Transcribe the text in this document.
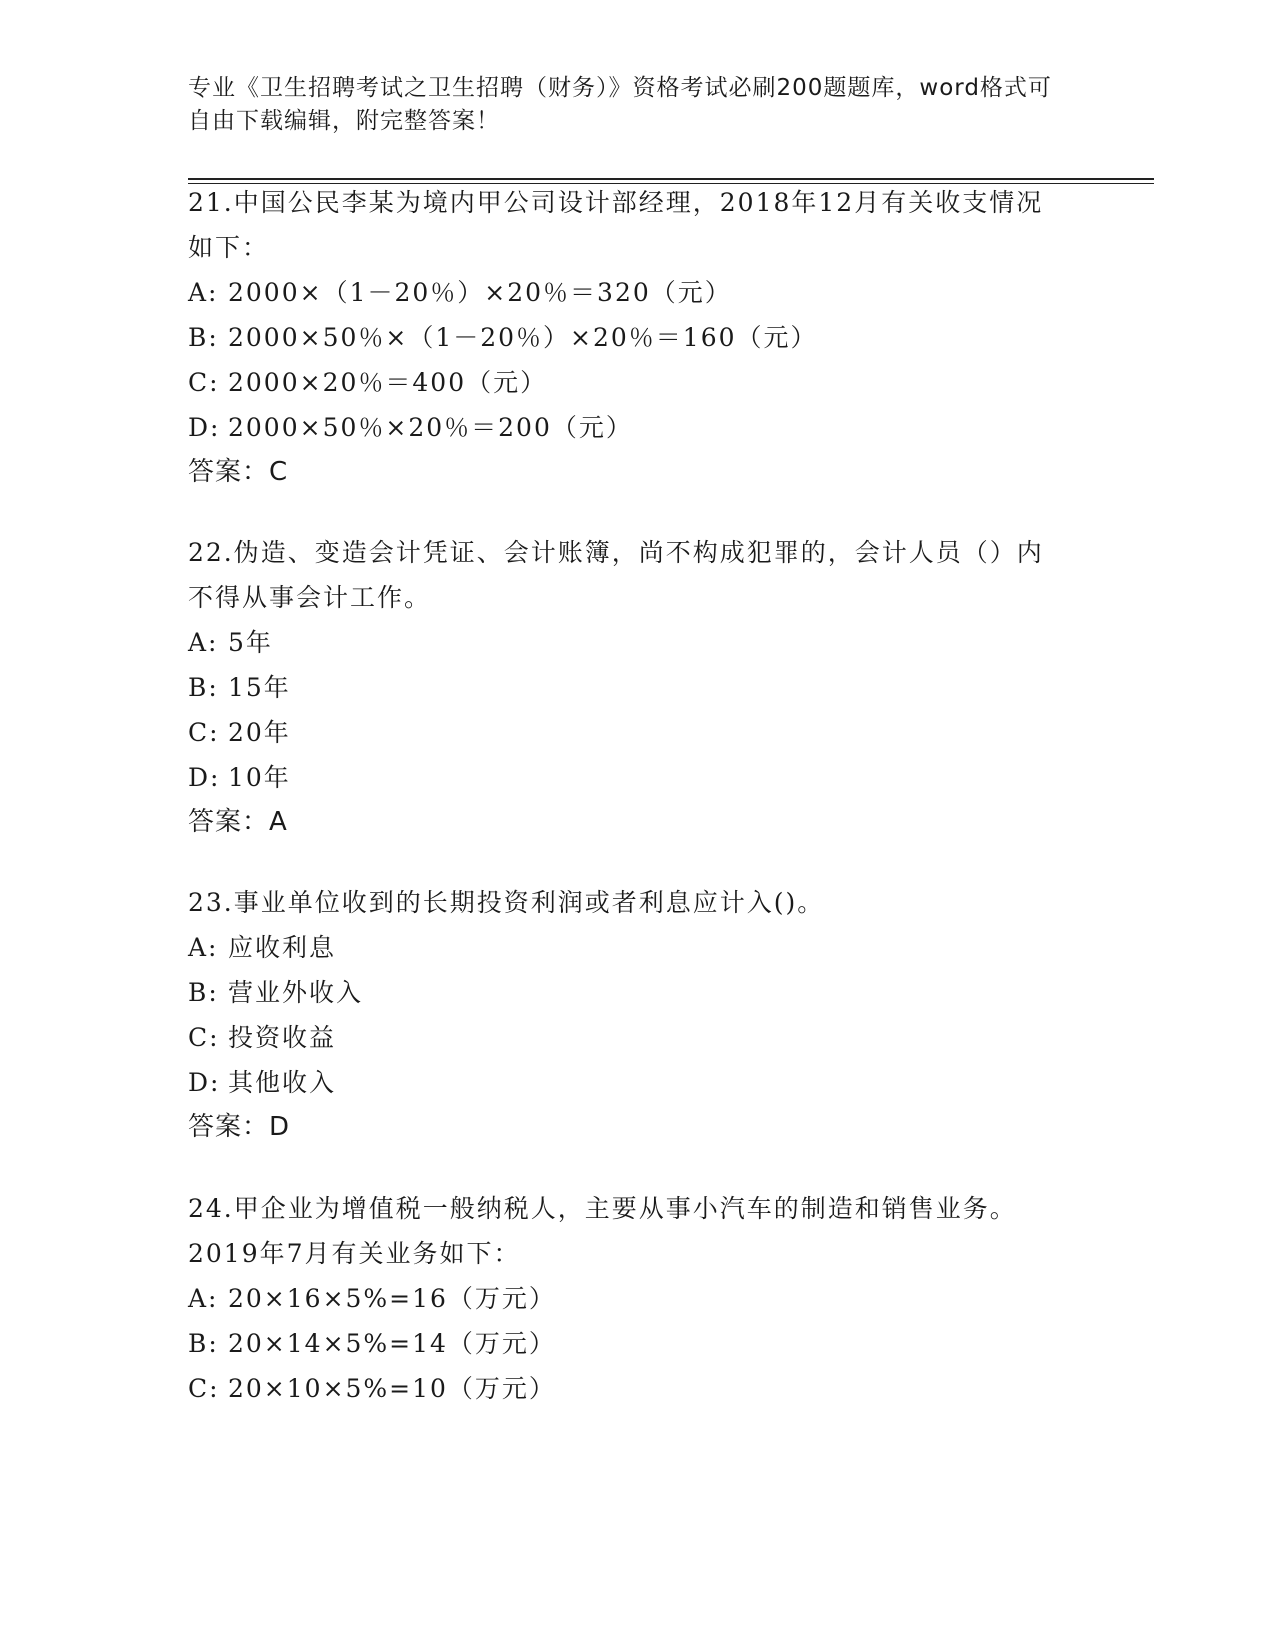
专业《卫生招聘考试之卫生招聘（财务）》资格考试必刷200题题库，word格式可自由下载编辑，附完整答案！
21.中国公民李某为境内甲公司设计部经理，2018年12月有关收支情况如下：
A: 2000×（1－20％）×20％＝320（元）
B: 2000×50％×（1－20％）×20％＝160（元）
C: 2000×20％＝400（元）
D: 2000×50％×20％＝200（元）
答案：C
22.伪造、变造会计凭证、会计账簿，尚不构成犯罪的，会计人员（）内不得从事会计工作。
A: 5年
B: 15年
C: 20年
D: 10年
答案：A
23.事业单位收到的长期投资利润或者利息应计入()。
A: 应收利息
B: 营业外收入
C: 投资收益
D: 其他收入
答案：D
24.甲企业为增值税一般纳税人，主要从事小汽车的制造和销售业务。2019年7月有关业务如下：
A: 20×16×5%=16（万元）
B: 20×14×5%=14（万元）
C: 20×10×5%=10（万元）
